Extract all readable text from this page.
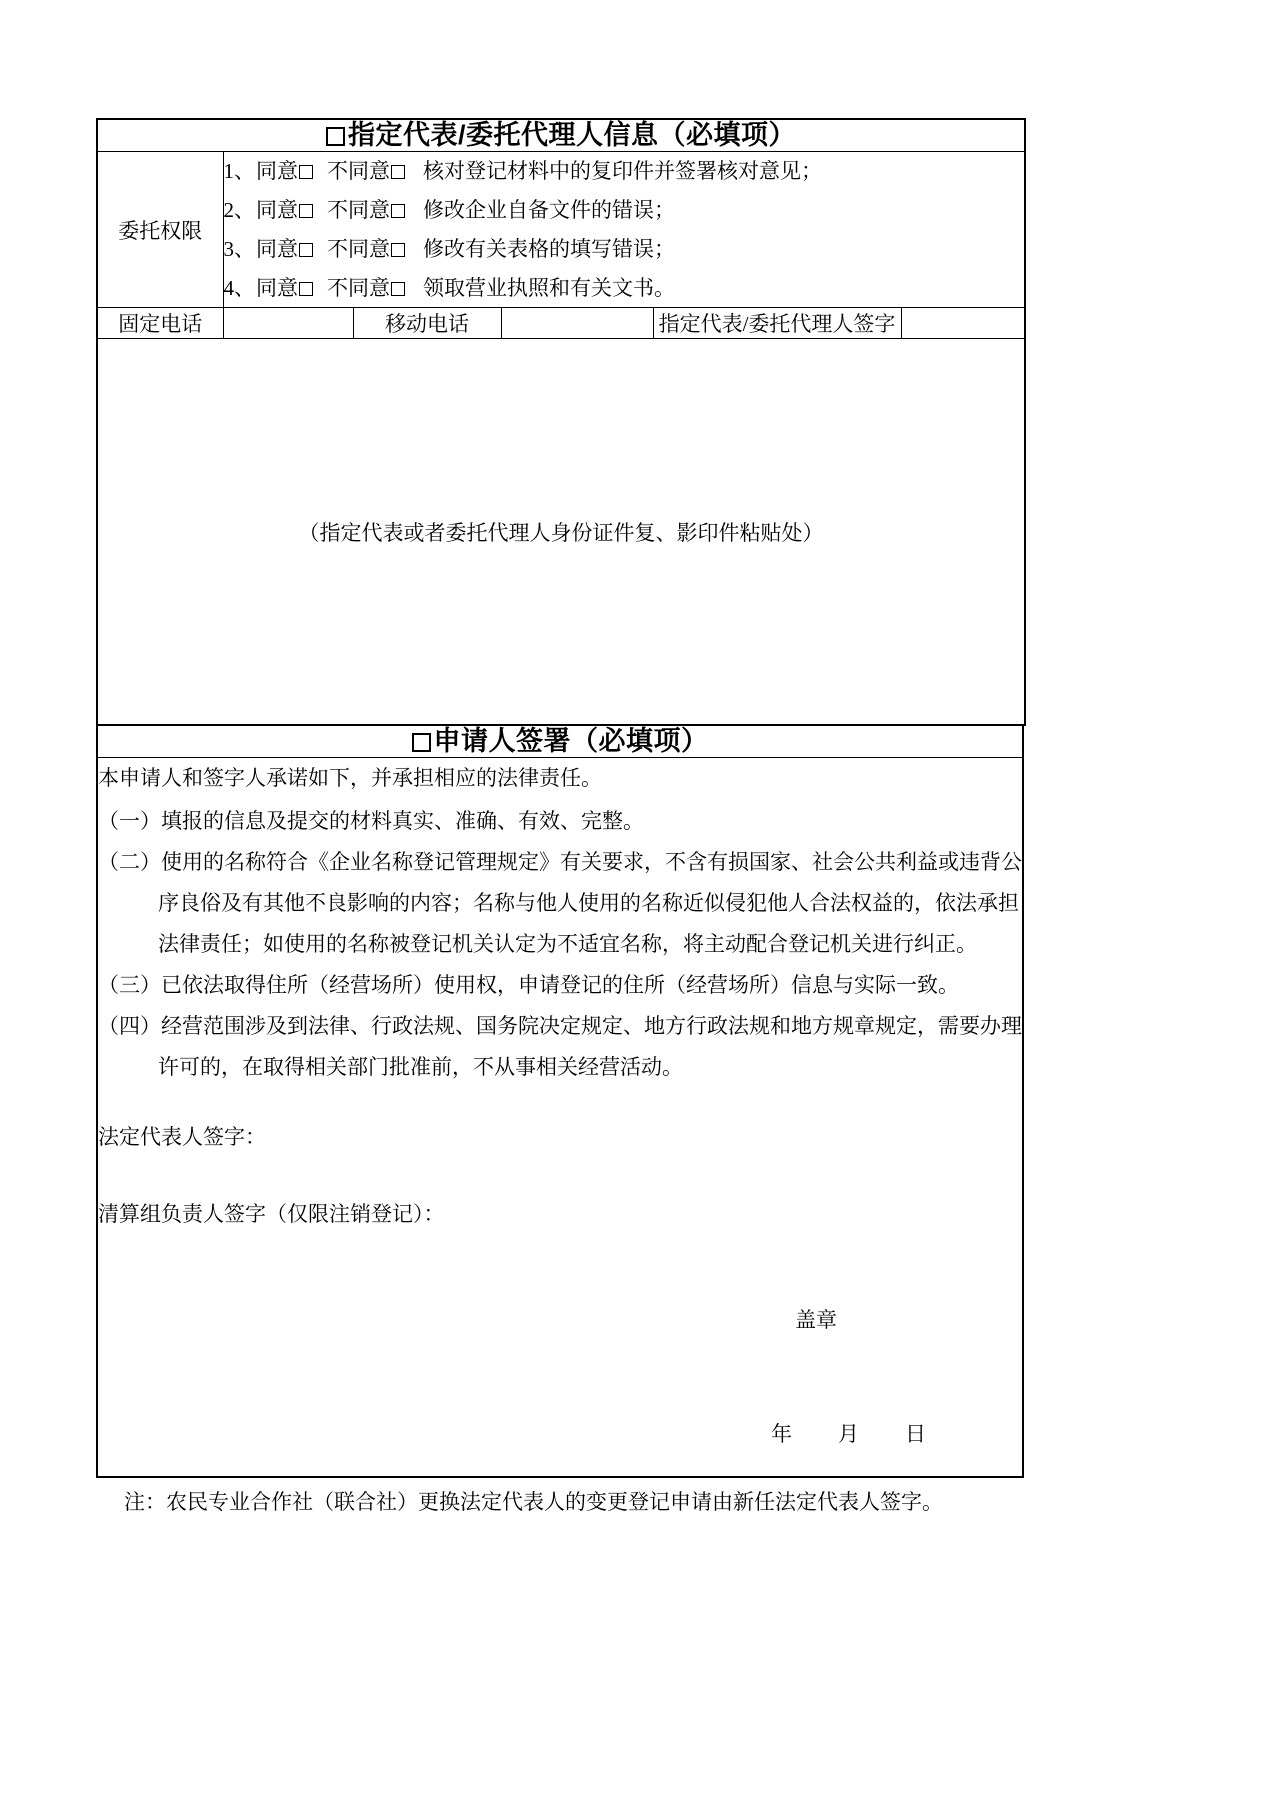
指定代表/委托代理人信息（必填项）					
委托权限	1、同意 不同意 核对登记材料中的复印件并签署核对意见；
2、同意 不同意 修改企业自备文件的错误；
3、同意 不同意 修改有关表格的填写错误；
4、同意 不同意 领取营业执照和有关文书。				

固定电话		移动电话		指定代表/委托代理人签字	
（指定代表或者委托代理人身份证件复、影印件粘贴处）					
申请人签署（必填项）

本申请人和签字人承诺如下，并承担相应的法律责任。

（一）填报的信息及提交的材料真实、准确、有效、完整。

（二）使用的名称符合《企业名称登记管理规定》有关要求，不含有损国家、社会公共利益或违背公序良俗及有其他不良影响的内容；名称与他人使用的名称近似侵犯他人合法权益的，依法承担法律责任；如使用的名称被登记机关认定为不适宜名称，将主动配合登记机关进行纠正。

（三）已依法取得住所（经营场所）使用权，申请登记的住所（经营场所）信息与实际一致。

（四）经营范围涉及到法律、行政法规、国务院决定规定、地方行政法规和地方规章规定，需要办理许可的，在取得相关部门批准前，不从事相关经营活动。

法定代表人签字：

清算组负责人签字（仅限注销登记）：

盖章

年 月 日

注：农民专业合作社（联合社）更换法定代表人的变更登记申请由新任法定代表人签字。
